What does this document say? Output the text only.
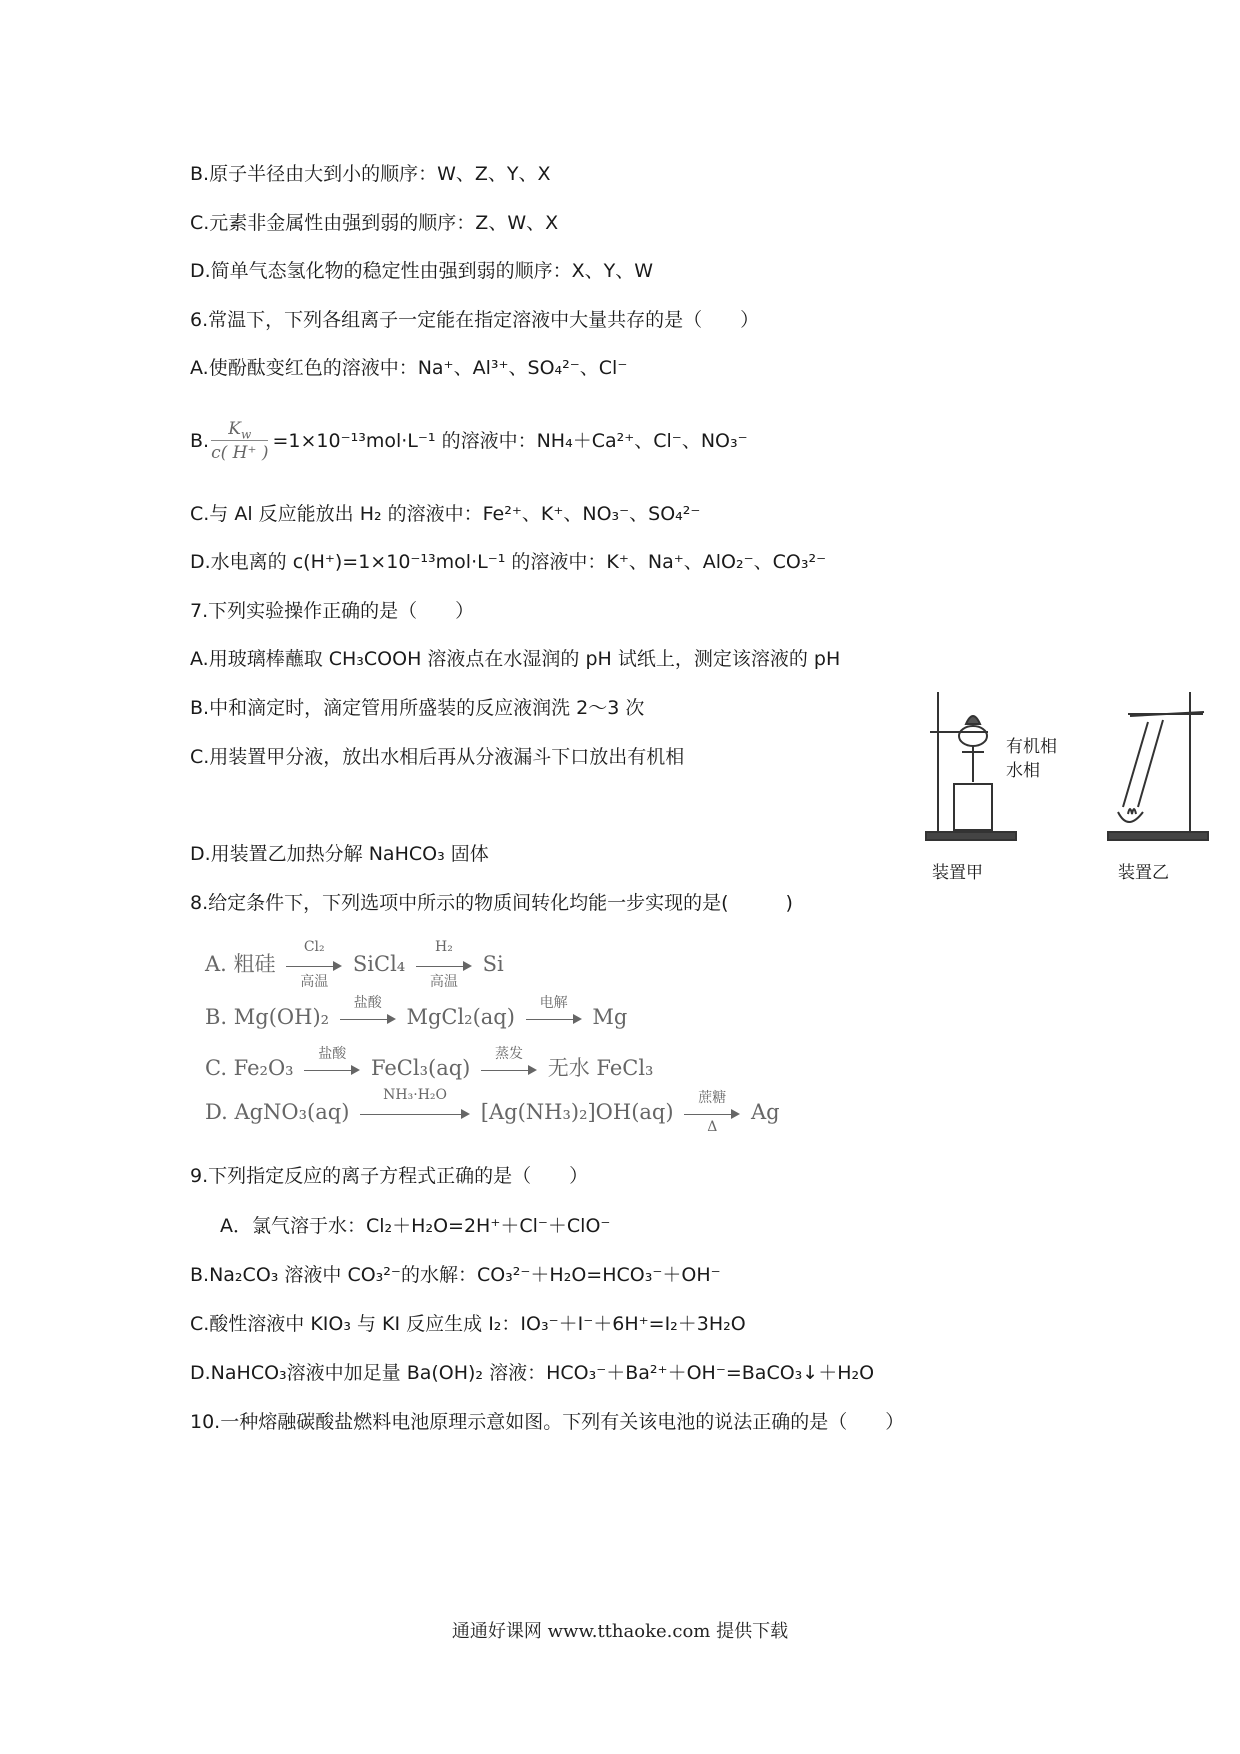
B.原子半径由大到小的顺序：W、Z、Y、X
C.元素非金属性由强到弱的顺序：Z、W、X
D.简单气态氢化物的稳定性由强到弱的顺序：X、Y、W
6.常温下，下列各组离子一定能在指定溶液中大量共存的是（　　）
A.使酚酞变红色的溶液中：Na⁺、Al³⁺、SO₄²⁻、Cl⁻
B. $\frac{K_w}{c( H^+ )} =1\times 10^{-13}mol\cdot L^{-1}$ 的溶液中：NH₄＋Ca²⁺、Cl⁻、NO₃⁻
C.与 Al 反应能放出 H₂ 的溶液中：Fe²⁺、K⁺、NO₃⁻、SO₄²⁻
D.水电离的 c(H⁺)=1×10⁻¹³mol·L⁻¹ 的溶液中：K⁺、Na⁺、AlO₂⁻、CO₃²⁻
7.下列实验操作正确的是（　　）
A.用玻璃棒蘸取 CH₃COOH 溶液点在水湿润的 pH 试纸上，测定该溶液的 pH
B.中和滴定时，滴定管用所盛装的反应液润洗 2～3 次
C.用装置甲分液，放出水相后再从分液漏斗下口放出有机相
D.用装置乙加热分解 NaHCO₃ 固体
有机相
水相
装置甲	装置乙
8.给定条件下，下列选项中所示的物质间转化均能一步实现的是(　　　)
A. 粗硅
Cl₂
高温
SiCl₄
H₂
高温
Si
B. Mg(OH)₂
盐酸
MgCl₂(aq)
电解
Mg
C. Fe₂O₃
盐酸
FeCl₃(aq)
蒸发
无水 FeCl₃
D. AgNO₃(aq)
NH₃·H₂O
[Ag(NH₃)₂]OH(aq)
蔗糖
Δ
Ag
9.下列指定反应的离子方程式正确的是（　　）
A．氯气溶于水：Cl₂＋H₂O=2H⁺＋Cl⁻＋ClO⁻
B.Na₂CO₃ 溶液中 CO₃²⁻的水解：CO₃²⁻＋H₂O=HCO₃⁻＋OH⁻
C.酸性溶液中 KIO₃ 与 KI 反应生成 I₂：IO₃⁻＋I⁻＋6H⁺=I₂＋3H₂O
D.NaHCO₃溶液中加足量 Ba(OH)₂ 溶液：HCO₃⁻＋Ba²⁺＋OH⁻=BaCO₃↓＋H₂O
10.一种熔融碳酸盐燃料电池原理示意如图。下列有关该电池的说法正确的是（　　）
通通好课网 www.tthaoke.com 提供下载
